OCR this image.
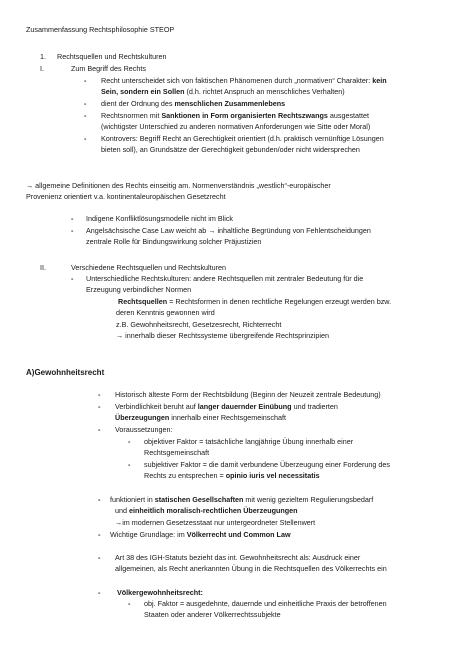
Zusammenfassung Rechtsphilosophie STEOP
1. Rechtsquellen und Rechtskulturen
I.	Zum Begriff des Rechts
- Recht unterscheidet sich von faktischen Phänomenen durch „normativen“ Charakter: kein
Sein, sondern ein Sollen (d.h. richtet Anspruch an menschliches Verhalten)
- dient der Ordnung des menschlichen Zusammenlebens
- Rechtsnormen mit Sanktionen in Form organisierten Rechtszwangs ausgestattet
(wichtigster Unterschied zu anderen normativen Anforderungen wie Sitte oder Moral)
- Kontrovers: Begriff Recht an Gerechtigkeit orientiert (d.h. praktisch vernünftige Lösungen
bieten soll), an Grundsätze der Gerechtigkeit gebunden/oder nicht widersprechen
→ allgemeine Definitionen des Rechts einseitig am. Normenverständnis „westlich“-europäischer
Provenienz orientiert v.a. kontinentaleuropäischen Gesetzrecht
- Indigene Konfliktlösungsmodelle nicht im Blick
- Angelsächsische Case Law weicht ab → inhaltliche Begründung von Fehlentscheidungen
zentrale Rolle für Bindungswirkung solcher Präjustizien
II.	Verschiedene Rechtsquellen und Rechtskulturen
- Unterschiedliche Rechtskulturen: andere Rechtsquellen mit zentraler Bedeutung für die
Erzeugung verbindlicher Normen
Rechtsquellen = Rechtsformen in denen rechtliche Regelungen erzeugt werden bzw.
deren Kenntnis gewonnen wird
z.B. Gewohnheitsrecht, Gesetzesrecht, Richterrecht
→ innerhalb dieser Rechtssysteme übergreifende Rechtsprinzipien
A)Gewohnheitsrecht
- Historisch älteste Form der Rechtsbildung (Beginn der Neuzeit zentrale Bedeutung)
- Verbindlichkeit beruht auf langer dauernder Einübung und tradierten
Überzeugungen innerhalb einer Rechtsgemeinschaft
- Voraussetzungen:
- objektiver Faktor = tatsächliche langjährige Übung innerhalb einer
Rechtsgemeinschaft
- subjektiver Faktor = die damit verbundene Überzeugung einer Forderung des
Rechts zu entsprechen = opinio iuris vel necessitatis
- funktioniert in statischen Gesellschaften mit wenig gezieltem Regulierungsbedarf
und einheitlich moralisch-rechtlichen Überzeugungen
→im modernen Gesetzesstaat nur untergeordneter Stellenwert
- Wichtige Grundlage: im Völkerrecht und Common Law
- Art 38 des IGH-Statuts bezieht das int. Gewohnheitsrecht als: Ausdruck einer
allgemeinen, als Recht anerkannten Übung in die Rechtsquellen des Völkerrechts ein
- Völkergewohnheitsrecht:
- obj. Faktor = ausgedehnte, dauernde und einheitliche Praxis der betroffenen
Staaten oder anderer Völkerrechtssubjekte
